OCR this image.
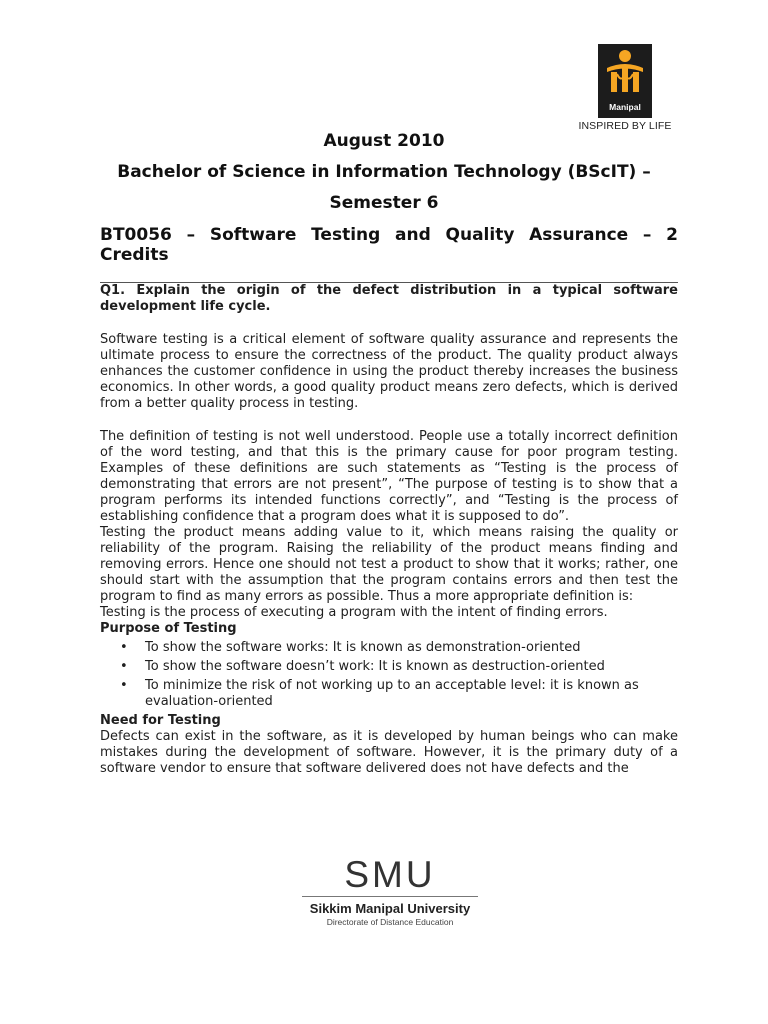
Manipal
INSPIRED BY LIFE
August 2010
Bachelor of Science in Information Technology (BScIT) –
Semester 6
BT0056 – Software Testing and Quality Assurance – 2 Credits

Q1. Explain the origin of the defect distribution in a typical software development life cycle.

Software testing is a critical element of software quality assurance and represents the ultimate process to ensure the correctness of the product. The quality product always enhances the customer confidence in using the product thereby increases the business economics. In other words, a good quality product means zero defects, which is derived from a better quality process in testing.

The definition of testing is not well understood. People use a totally incorrect definition of the word testing, and that this is the primary cause for poor program testing. Examples of these definitions are such statements as “Testing is the process of demonstrating that errors are not present”, “The purpose of testing is to show that a program performs its intended functions correctly”, and “Testing is the process of establishing confidence that a program does what it is supposed to do”.

Testing the product means adding value to it, which means raising the quality or reliability of the program. Raising the reliability of the product means finding and removing errors. Hence one should not test a product to show that it works; rather, one should start with the assumption that the program contains errors and then test the program to find as many errors as possible. Thus a more appropriate definition is:

Testing is the process of executing a program with the intent of finding errors.

Purpose of Testing

• To show the software works: It is known as demonstration-oriented
• To show the software doesn’t work: It is known as destruction-oriented
• To minimize the risk of not working up to an acceptable level: it is known as evaluation-oriented

Need for Testing

Defects can exist in the software, as it is developed by human beings who can make mistakes during the development of software. However, it is the primary duty of a software vendor to ensure that software delivered does not have defects and the

SMU
Sikkim Manipal University
Directorate of Distance Education
